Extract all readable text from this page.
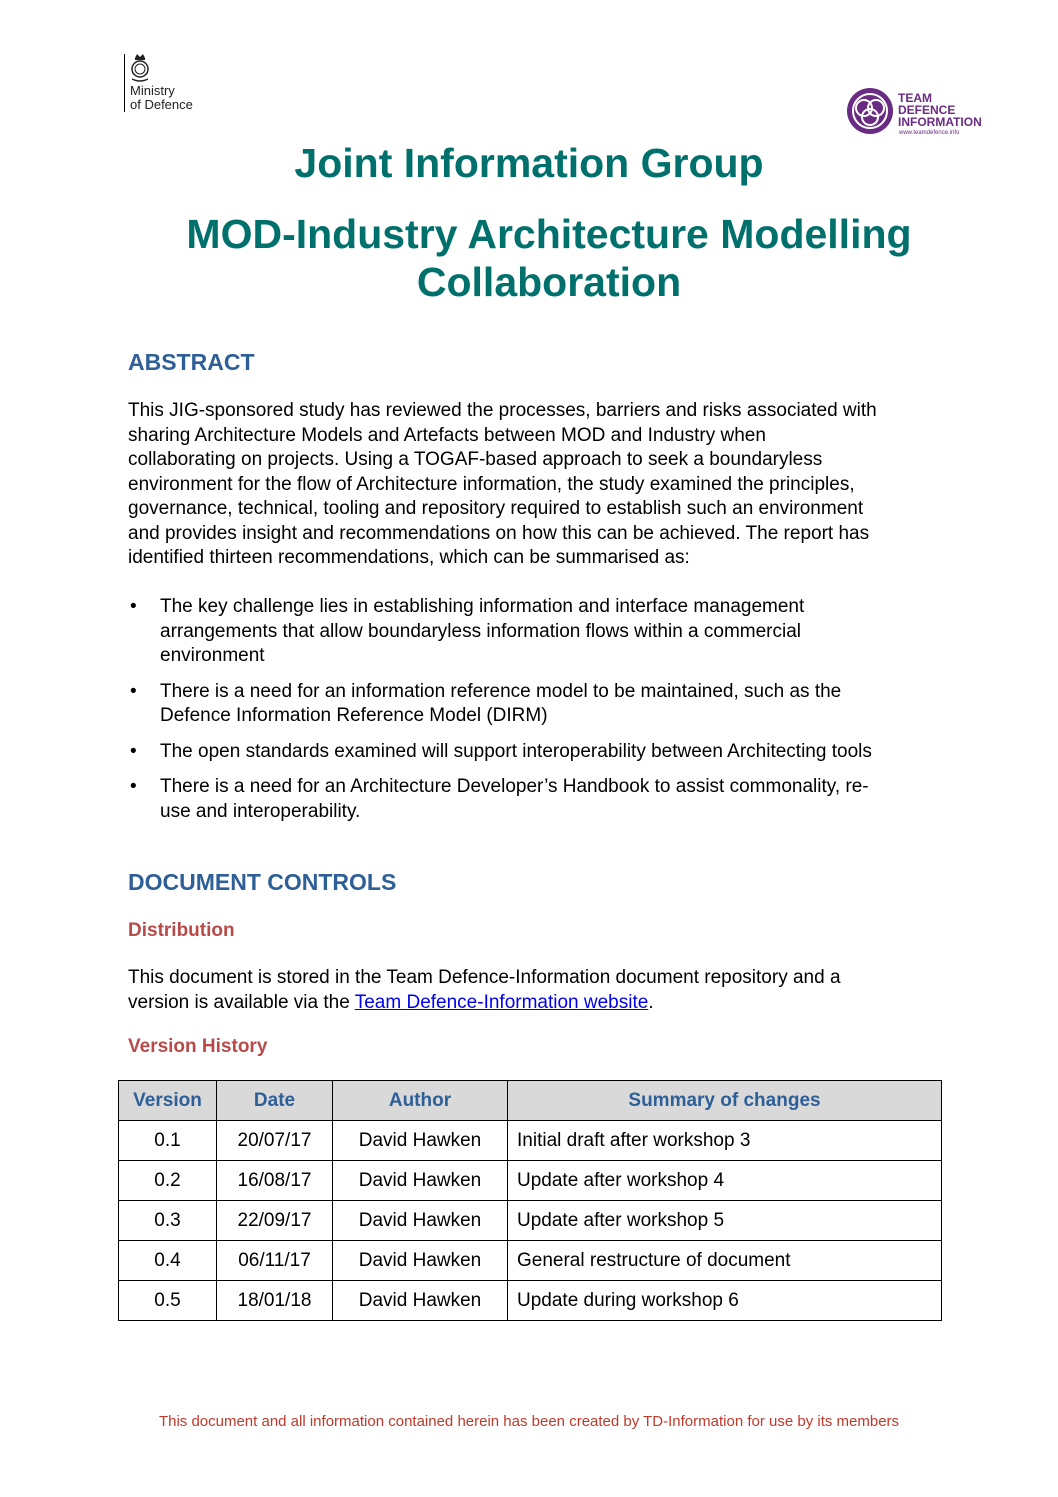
Ministry
of Defence	TEAM
DEFENCE
INFORMATION
www.teamdefence.info
Joint Information Group
MOD-Industry Architecture Modelling
Collaboration
ABSTRACT
This JIG-sponsored study has reviewed the processes, barriers and risks associated with
sharing Architecture Models and Artefacts between MOD and Industry when
collaborating on projects. Using a TOGAF-based approach to seek a boundaryless
environment for the flow of Architecture information, the study examined the principles,
governance, technical, tooling and repository required to establish such an environment
and provides insight and recommendations on how this can be achieved. The report has
identified thirteen recommendations, which can be summarised as:
• The key challenge lies in establishing information and interface management
arrangements that allow boundaryless information flows within a commercial
environment
• There is a need for an information reference model to be maintained, such as the
Defence Information Reference Model (DIRM)
• The open standards examined will support interoperability between Architecting tools
• There is a need for an Architecture Developer’s Handbook to assist commonality, re-
use and interoperability.
DOCUMENT CONTROLS
Distribution
This document is stored in the Team Defence-Information document repository and a
version is available via the Team Defence-Information website.
Version History
Version	Date	Author	Summary of changes
0.1	20/07/17	David Hawken	Initial draft after workshop 3
0.2	16/08/17	David Hawken	Update after workshop 4
0.3	22/09/17	David Hawken	Update after workshop 5
0.4	06/11/17	David Hawken	General restructure of document
0.5	18/01/18	David Hawken	Update during workshop 6
This document and all information contained herein has been created by TD-Information for use by its members
